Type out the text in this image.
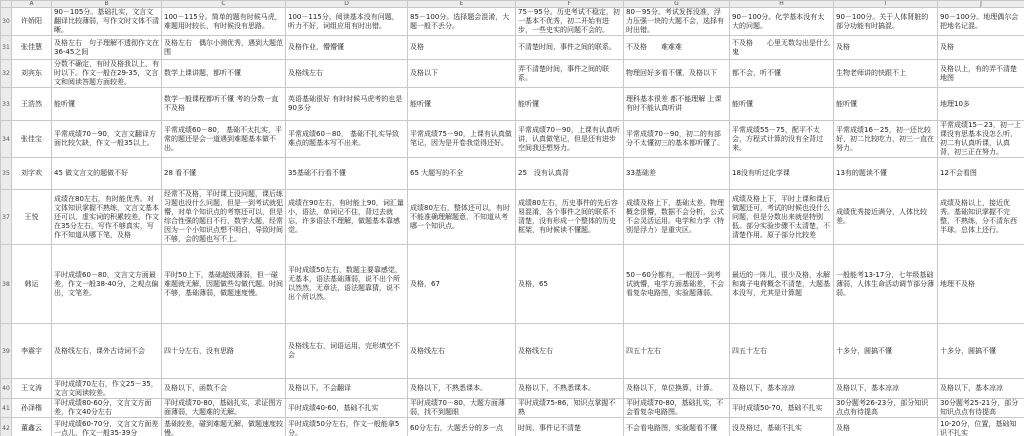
	A	B	C	D	E	F	G	H	I	J
30	许娇阳	90－105分。基础扎实，文言文翻译比较薄弱，写作文时文体不清晰。	100－115分。简单的题有时候马虎，难题用时较长，有时候没有思路。	100－115分。阅读基本没有问题，听力不好，词组应用有时出错。	85－100分。选择题会混淆，大题一般不丢分。	75－95分。历史考试不稳定，初一基本不优秀，初二开始有进步，一些史实的问题不会的。	80－95分。考试发挥没准，浮力压强一块的大题不会，选择有时出错。	90－100分。化学基本没有太大的问题。	90－100分。关于人体肾脏的部分功能有时搞混。	90－100分。地理偶尔会把地名记混。
31	张佳慧	及格左右　句子理解不透彻作文在36-45之间	及格左右　偶尔小测优秀，遇到大题范围	及格作业，懵懵懂	及格	不清楚时间，事件之间的联系。	不及格　　难难难	不及格　　心里无数勾出是什么鬼	及格	及格
32	刘宾东	分数不确定，有时及格我以上，有时以下。作文一般在29-35，文言文和阅读答题方面较差。	数学上课讲题，都听不懂	及格线左右	及格以下	弄不清楚时间，事件之间的联系。	物理回好多看不懂，及格以下	都不会，听不懂	生物老师讲的快跟不上	及格以上，有的弄不清楚地图
33	王浩然	能听懂	数学一般课程都听不懂 考的分数一直不及格	英语基础很好 有时时候马虎考的也是90多分	能听懂	能听懂	理科基本很差 都不能理解 上课有时不能认真听讲	能听懂	能听懂	地理10多
34	张佳宝	平常成绩70－90，文言文翻译方面比较欠缺，作文一般35以上。	平常成绩60－80， 基础不太扎实，平常的题还是会一道遇到难题基本做不出。	平常成绩60－80， 基础不扎实导致难点的题基本写不出来。	平常成绩75－90，上课有认真做笔记，因为是开卷我觉得还好。	平常成绩70－90，上课有认真听讲，认真做笔记，但是还有进步空间我还想努力。	平常成绩70－90，初二的有部分不太懂初三的基本都听懂了。	平常成绩55－75，配平不太会，方程式计算的没有全背过来。	平常成绩16－25，初一还比较好，初二比较吃力，初三一直在努力。	平常成绩15－23，初一上课没有思基本没怎么听，初二有认真听课，认真背，初三正在努力。
35	刘字欢	45 做文言文的题做不好	28 看不懂	35基础不行看不懂	65 大题写的不全	25　没有认真背	33基础差	18没有听过化学课	13有的题读不懂	12不会看图
37	王悦	成绩在80左右，有时能优秀。对文体知识掌握不熟练，文言文基本还可以，虚实词的积累较差，作文在35分左右，写作不够真实，写作不知道从哪下笔，及格	经常不及格，平时课上没问题，课后练习题也没什么问题，但是一到考试就犯懵，对单个知识点的考察还可以，但是综合性强的题目不行，数学大题，经常因为一个小知识点想不明白，导致时间不够，会的题也写不上。	成绩在90左右，有时能上90，词汇量小，语法，单词记不住，背过去就忘，许多语法不理解，做题基本靠感觉。	成绩80左右，整体还可以，有时不能准确理解题意，不知道从考哪一个知识点。	成绩80左右，历史事件的先后容易混淆，各个事件之间的联系不清楚，没有形成一个整体的历史框架，有时候读不懂题。	成绩及格上下，基础太差，物理概念很懵，数据不会分析，公式不会灵活运用。电学和力学（特别是浮力）是重灾区。	成绩及格上下，平时上课和课后做题还可，考试的时候也没什么问题，但是分数出来就是特别低。部分实验步骤不太清楚，不清楚作用。原子部分比较差	成绩优秀接近满分，人体比较差。	成绩及格以上，接近优秀。基础知识掌握不完整，不熟练，分不清东西半球。总体上还行。
38	韩运	平时成绩60－80，文言文方面最差，作文一般38-40分，之观点偏出，文笔差。	平时50上下，基础超级薄弱，但一碰难题就无解，因题做些勾做代题。时间不够，基础薄弱，做题速度慢。	平时成绩50左右，数题主要靠感觉，无基本，语法基础薄弱，说不出个所以然然，无章法，语法题靠猜，说不出个所以然。	及格，67	及格，65	50－60分都有，一般因一到考试就懵，电学方面基础差，不会看复杂电路图，实验题薄弱。	最近的一阵儿，很少及格，水解和离子电荷概念不清楚，大题基本没写，尤其是计算题	一般能考13-17分，七年级基础薄弱，人体生命活动调节部分薄弱。	地理不及格
39	李震宇	及格线左右，课外古诗词不会	四十分左右，没有思路	及格线左右，词语运用、完形填空不会	及格线左右	及格线左右	四五十左右	四五十左右	十多分，圆搞不懂	十多分，圆搞不懂
40	王文涛	平时成绩70左右，作文25－35，文言文阅读较差。	及格以下，函数不会	及格以下，不会翻译	及格以下，不熟悉课本。	及格以下，不熟悉课本。	及格以下，单位换算，计算。	及格以下，基本凉凉	及格以下，基本凉凉	及格以下，基本凉凉
41	孙泽楷	平时成绩80-60分，文言文方面差，作文40分左右	平时成绩70-80，基础扎实，求证图方面薄弱，大题难的无解。	平时成绩40-60，基础不扎实	平时成绩70－80，大题方面薄弱，找不到题眼	平时成绩75-86，知识点掌握不熟	平时成绩70-80，基础扎实，不会看复杂电路图。	平时成绩50-70，基础不扎实	30分题考26-23分，部分知识点点有待提高	30分题考25-21分，部分知识点点有待提高
42	董鑫云	平时成绩60-70分，文言文方面差一点儿，作文一般35-39分	基础较差，碰到难题无解，做题速度较慢。	平时成绩50分左右，作文一般能拿5分。	60分左右，大题丢分的多一点	时间，事件记不清楚	不会看电路图，实验题看不懂	没及格过，基础不扎实	及格	10-20分，位置，基础知识不扎实
